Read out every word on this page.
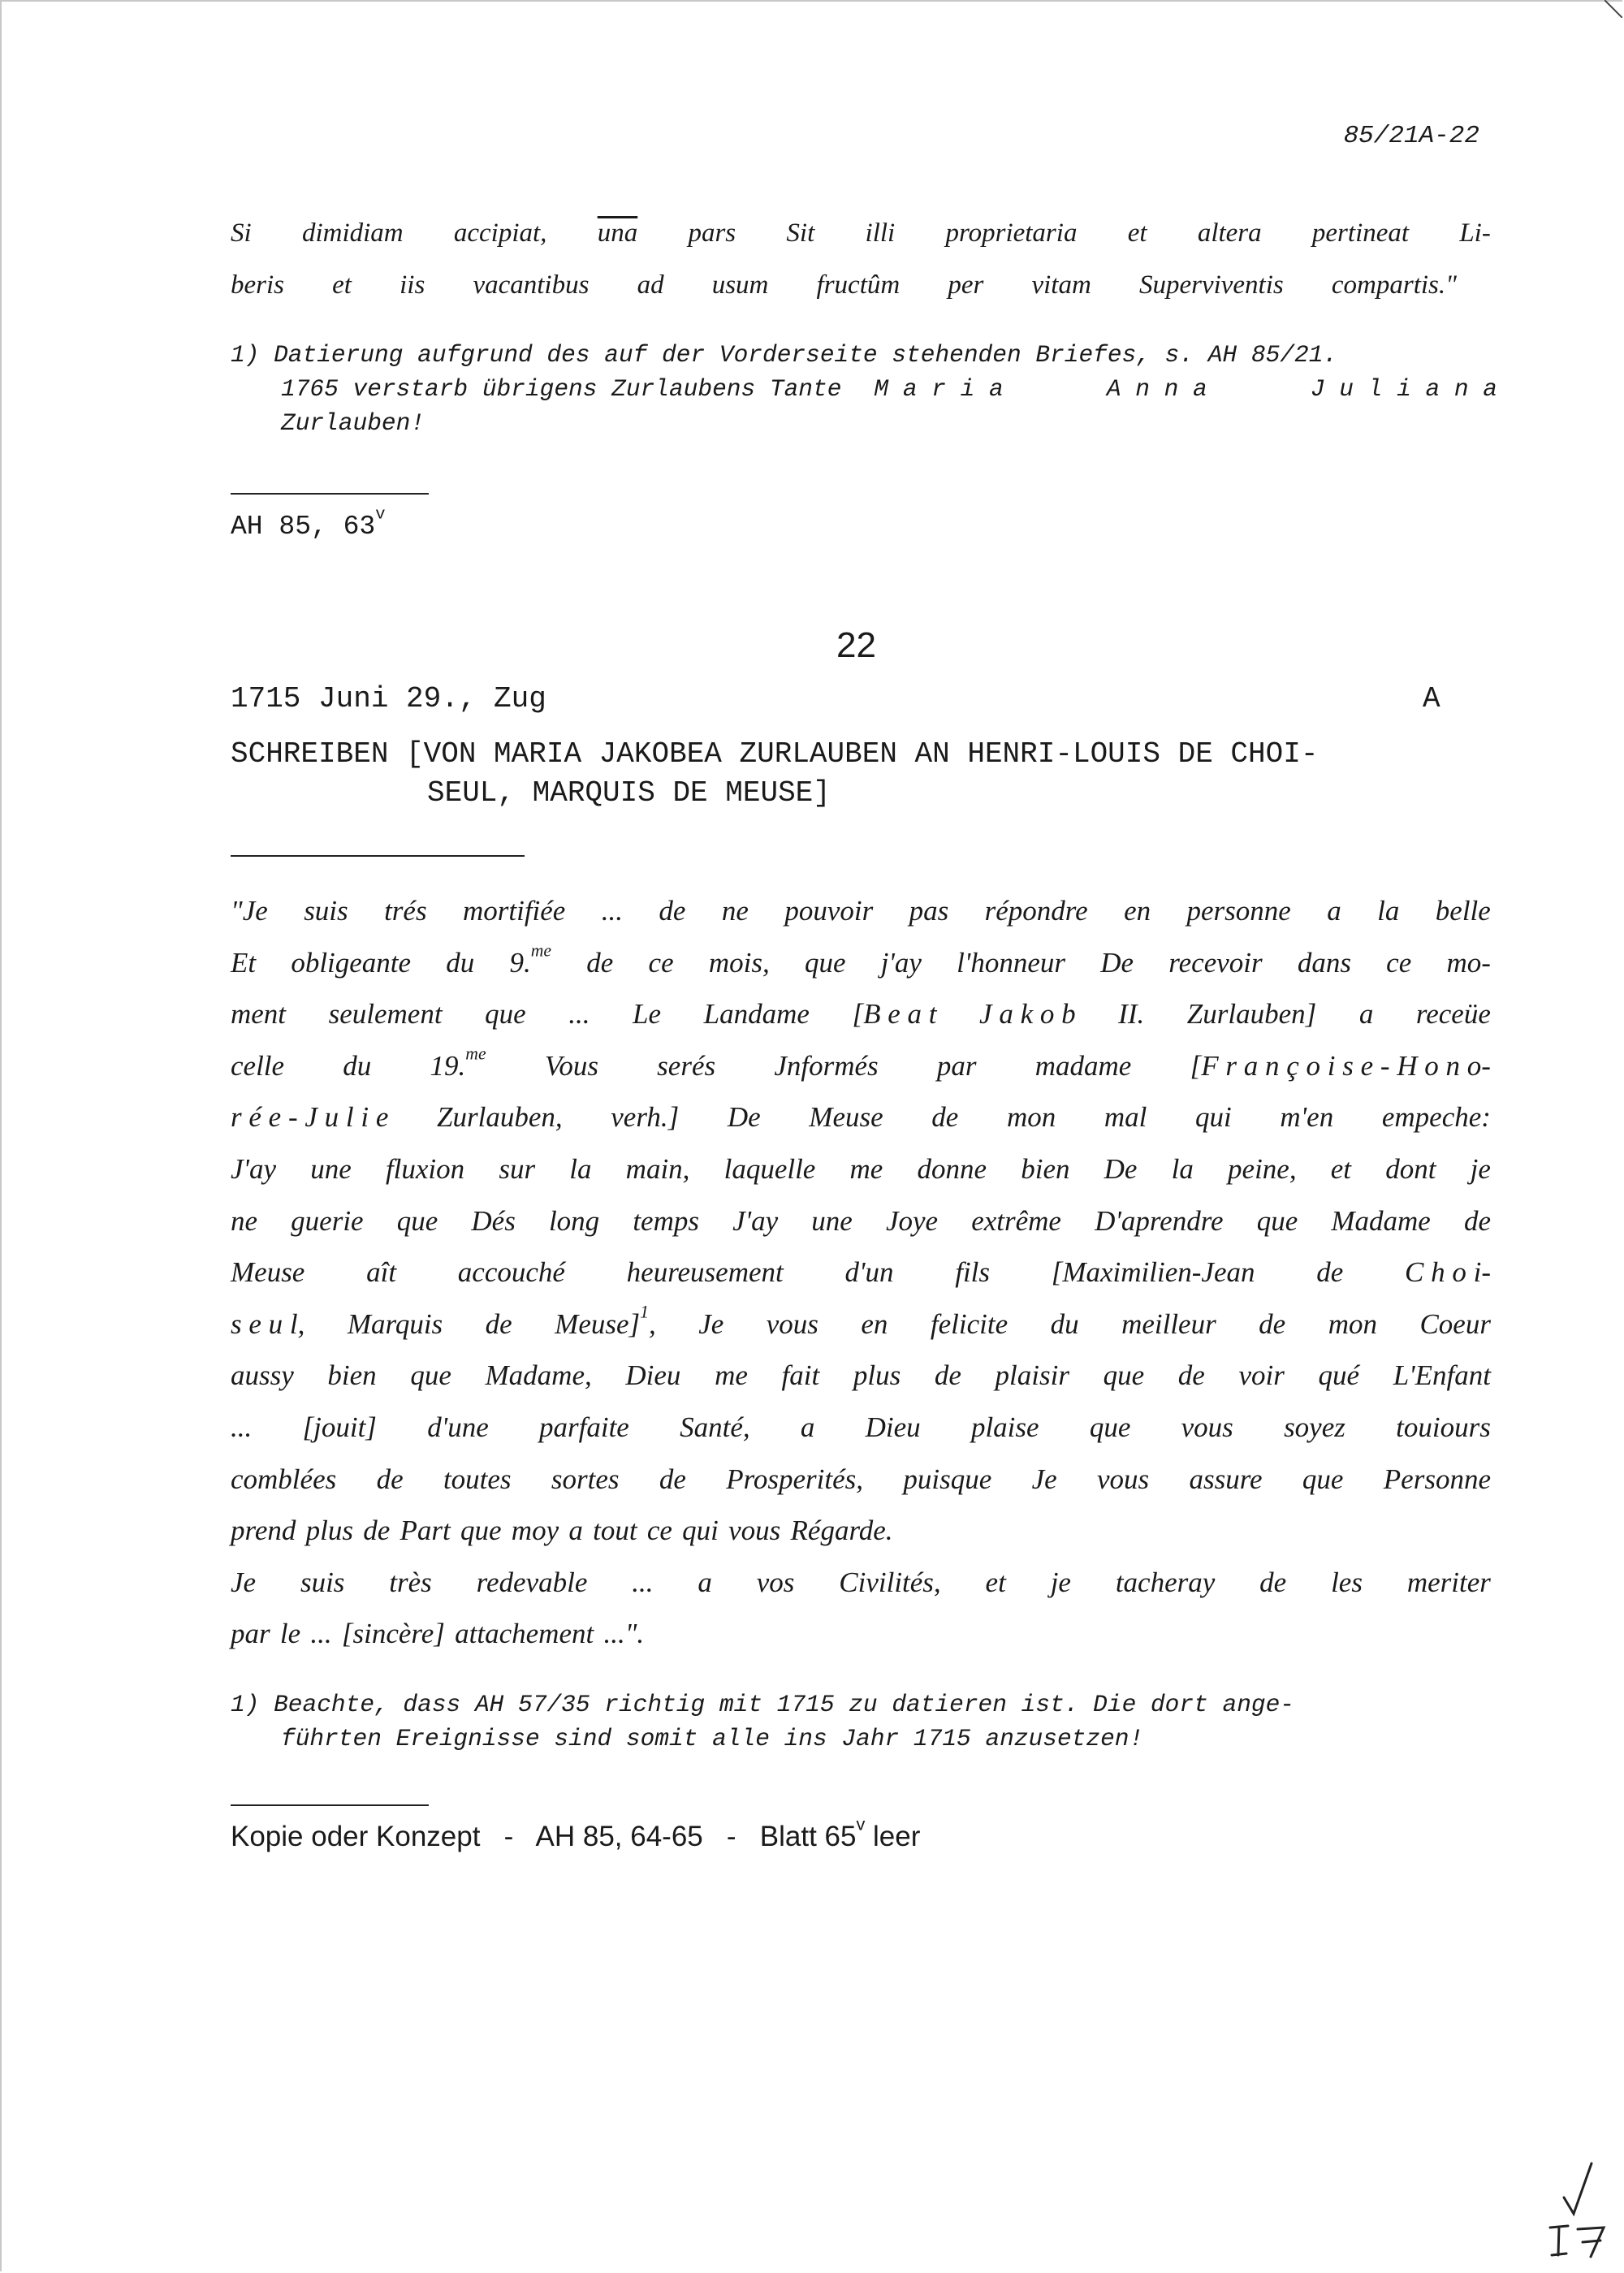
85/21A-22
Si dimidiam accipiat, $\overline{una}$ pars Sit illi proprietaria et altera pertineat Li-
beris et iis vacantibus ad usum fructûm per vitam Superviventis compartis."
1) Datierung aufgrund des auf der Vorderseite stehenden Briefes, s. AH 85/21.
1765 verstarb übrigens Zurlaubens Tante M a r i a	A n n a	J u l i a n a
Zurlauben!
AH 85, 63$^v$
22
1715 Juni 29., Zug	A
SCHREIBEN [VON MARIA JAKOBEA ZURLAUBEN AN HENRI-LOUIS DE CHOI-
SEUL, MARQUIS DE MEUSE]
"Je suis trés mortifiée ... de ne pouvoir pas répondre en personne a la belle
Et obligeante du 9.$^{me}$ de ce mois, que j'ay l'honneur De recevoir dans ce mo-
ment seulement que ... Le Landame [B e a t J a k o b II. Zurlauben] a receüe
celle du 19.$^{me}$ Vous serés Jnformés par madame [F r a n ç o i s e - H o n o-
r é e - J u l i e Zurlauben, verh.] De Meuse de mon mal qui m'en empeche:
J'ay une fluxion sur la main, laquelle me donne bien De la peine, et dont je
ne guerie que Dés long temps J'ay une Joye extrême D'aprendre que Madame de
Meuse aît accouché heureusement d'un fils [Maximilien-Jean de C h o i-
s e u l, Marquis de Meuse]$^1$, Je vous en felicite du meilleur de mon Coeur
aussy bien que Madame, Dieu me fait plus de plaisir que de voir qué L'Enfant
... [jouit] d'une parfaite Santé, a Dieu plaise que vous soyez touiours
comblées de toutes sortes de Prosperités, puisque Je vous assure que Personne
prend plus de Part que moy a tout ce qui vous Régarde.
Je suis très redevable ... a vos Civilités, et je tacheray de les meriter
par le ... [sincère] attachement ...".
1) Beachte, dass AH 57/35 richtig mit 1715 zu datieren ist. Die dort ange-
führten Ereignisse sind somit alle ins Jahr 1715 anzusetzen!
Kopie oder Konzept   -   AH 85, 64-65   -   Blatt 65$^v$ leer
